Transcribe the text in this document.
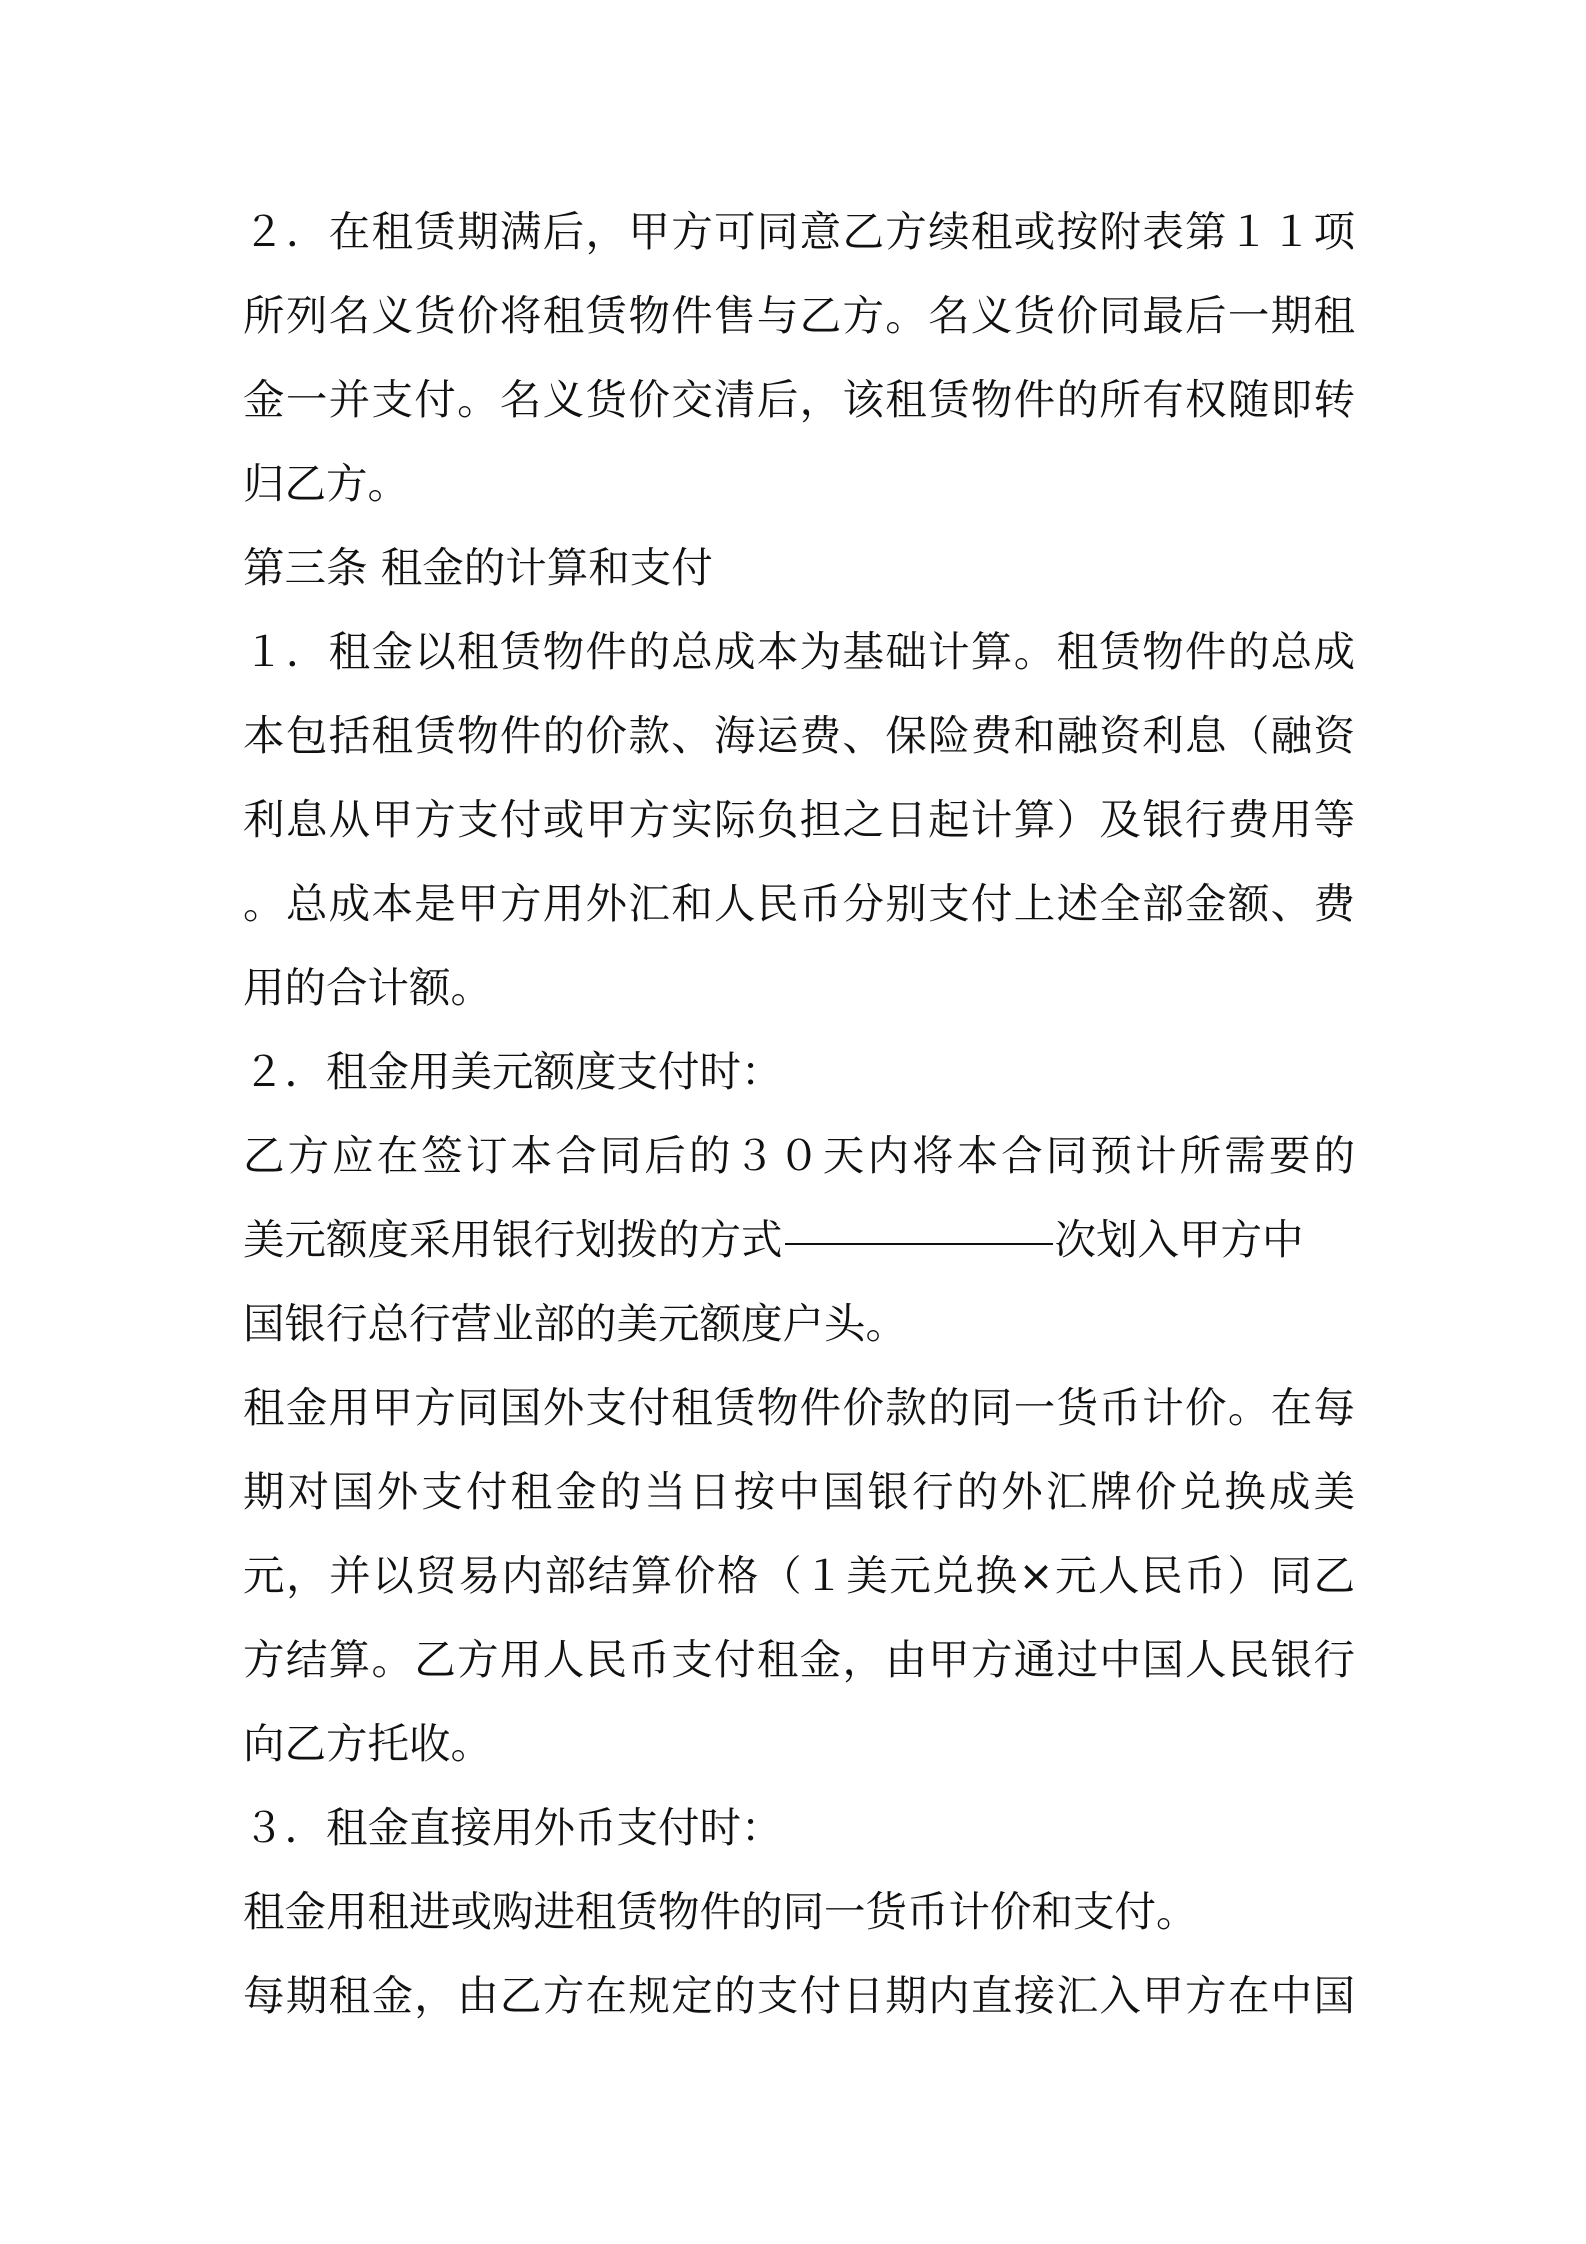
２．在租赁期满后，甲方可同意乙方续租或按附表第１１项
所列名义货价将租赁物件售与乙方。名义货价同最后一期租
金一并支付。名义货价交清后，该租赁物件的所有权随即转
归乙方。
第三条 租金的计算和支付
１．租金以租赁物件的总成本为基础计算。租赁物件的总成
本包括租赁物件的价款、海运费、保险费和融资利息（融资
利息从甲方支付或甲方实际负担之日起计算）及银行费用等
。总成本是甲方用外汇和人民币分别支付上述全部金额、费
用的合计额。
２．租金用美元额度支付时：
乙方应在签订本合同后的３０天内将本合同预计所需要的
美元额度采用银行划拨的方式	次划入甲方中
国银行总行营业部的美元额度户头。
租金用甲方同国外支付租赁物件价款的同一货币计价。在每
期对国外支付租金的当日按中国银行的外汇牌价兑换成美
元，并以贸易内部结算价格（１美元兑换×元人民币）同乙
方结算。乙方用人民币支付租金，由甲方通过中国人民银行
向乙方托收。
３．租金直接用外币支付时：
租金用租进或购进租赁物件的同一货币计价和支付。
每期租金，由乙方在规定的支付日期内直接汇入甲方在中国
